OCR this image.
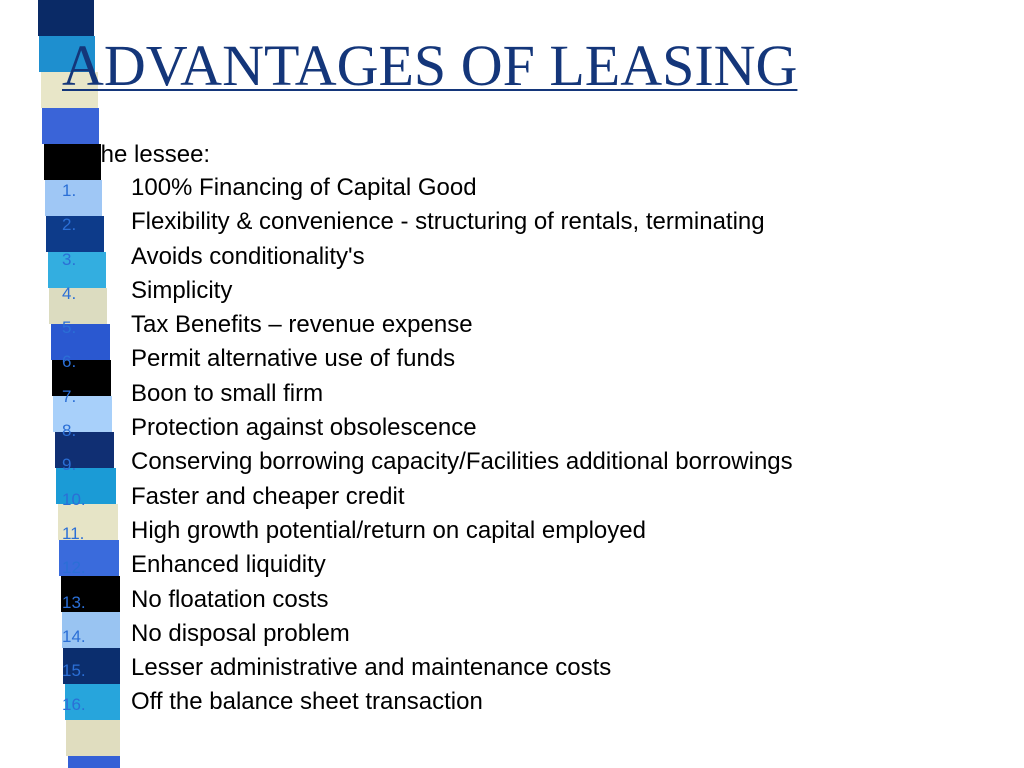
ADVANTAGES OF LEASING
To the lessee:
1. 100% Financing of Capital Good
2. Flexibility & convenience - structuring of rentals, terminating
3. Avoids conditionality's
4. Simplicity
5. Tax Benefits – revenue expense
6. Permit alternative use of funds
7. Boon to small firm
8. Protection against obsolescence
9. Conserving borrowing capacity/Facilities additional borrowings
10. Faster and cheaper credit
11. High growth potential/return on capital employed
12. Enhanced liquidity
13. No floatation costs
14. No disposal problem
15. Lesser administrative and maintenance costs
16. Off the balance sheet transaction
